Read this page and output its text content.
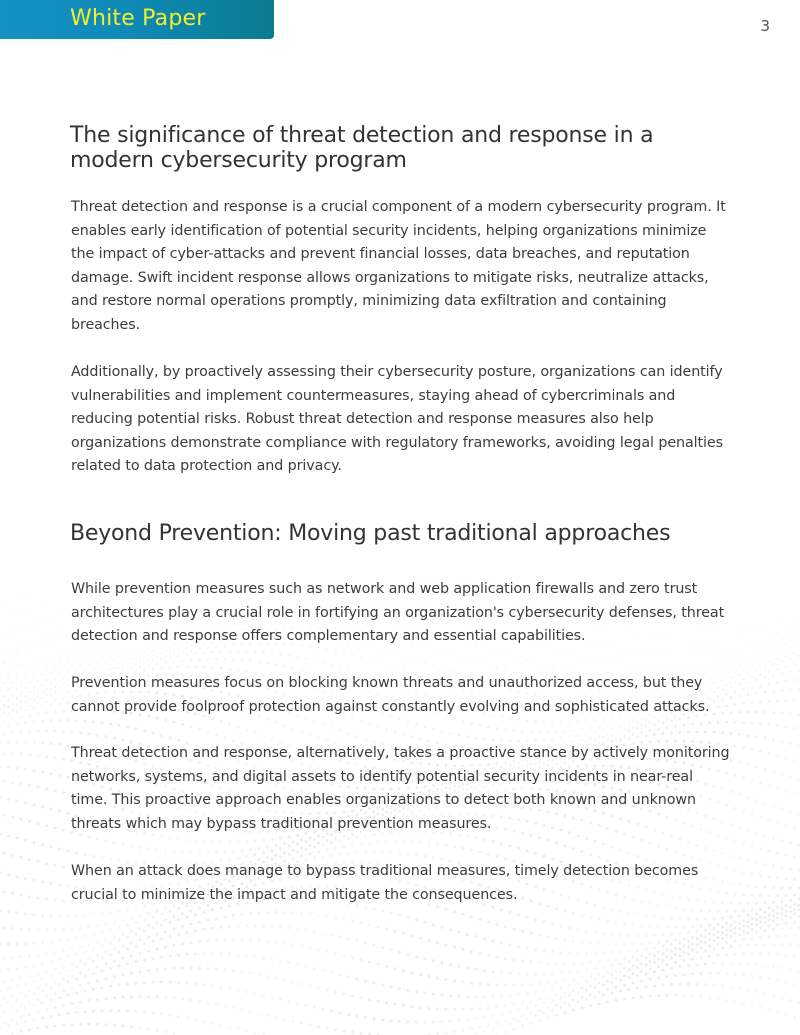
White Paper	3
The significance of threat detection and response in a modern cybersecurity program

Threat detection and response is a crucial component of a modern cybersecurity program. It enables early identification of potential security incidents, helping organizations minimize the impact of cyber-attacks and prevent financial losses, data breaches, and reputation damage. Swift incident response allows organizations to mitigate risks, neutralize attacks, and restore normal operations promptly, minimizing data exfiltration and containing breaches.

Additionally, by proactively assessing their cybersecurity posture, organizations can identify vulnerabilities and implement countermeasures, staying ahead of cybercriminals and reducing potential risks. Robust threat detection and response measures also help organizations demonstrate compliance with regulatory frameworks, avoiding legal penalties related to data protection and privacy.

Beyond Prevention: Moving past traditional approaches

While prevention measures such as network and web application firewalls and zero trust architectures play a crucial role in fortifying an organization's cybersecurity defenses, threat detection and response offers complementary and essential capabilities.

Prevention measures focus on blocking known threats and unauthorized access, but they cannot provide foolproof protection against constantly evolving and sophisticated attacks.

Threat detection and response, alternatively, takes a proactive stance by actively monitoring networks, systems, and digital assets to identify potential security incidents in near-real time. This proactive approach enables organizations to detect both known and unknown threats which may bypass traditional prevention measures.

When an attack does manage to bypass traditional measures, timely detection becomes crucial to minimize the impact and mitigate the consequences.
